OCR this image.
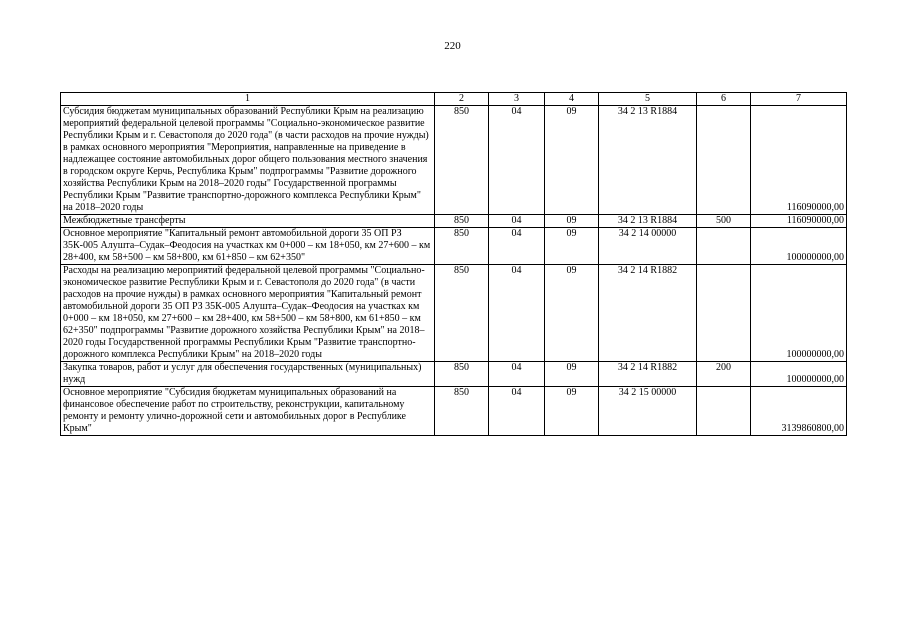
220
1	2	3	4	5	6	7
Субсидия бюджетам муниципальных образований Республики Крым на реализацию мероприятий федеральной целевой программы "Социально-экономическое развитие Республики Крым и г. Севастополя до 2020 года" (в части расходов на прочие нужды) в рамках основного мероприятия "Мероприятия, направленные на приведение в надлежащее состояние автомобильных дорог общего пользования местного значения в городском округе Керчь, Республика Крым" подпрограммы "Развитие дорожного хозяйства Республики Крым на 2018–2020 годы" Государственной программы Республики Крым "Развитие транспортно-дорожного комплекса Республики Крым" на 2018–2020 годы	850	04	09	34 2 13 R1884		116090000,00
Межбюджетные трансферты	850	04	09	34 2 13 R1884	500	116090000,00
Основное мероприятие "Капитальный ремонт автомобильной дороги 35 ОП РЗ 35К-005 Алушта–Судак–Феодосия на участках км 0+000 – км 18+050, км 27+600 – км 28+400, км 58+500 – км 58+800, км 61+850 – км 62+350"	850	04	09	34 2 14 00000		100000000,00
Расходы на реализацию мероприятий федеральной целевой программы "Социально-экономическое развитие Республики Крым и г. Севастополя до 2020 года" (в части расходов на прочие нужды) в рамках основного мероприятия "Капитальный ремонт автомобильной дороги 35 ОП РЗ 35К-005 Алушта–Судак–Феодосия на участках км 0+000 – км 18+050, км 27+600 – км 28+400, км 58+500 – км 58+800, км 61+850 – км 62+350" подпрограммы "Развитие дорожного хозяйства Республики Крым" на 2018–2020 годы Государственной программы Республики Крым "Развитие транспортно-дорожного комплекса Республики Крым" на 2018–2020 годы	850	04	09	34 2 14 R1882		100000000,00
Закупка товаров, работ и услуг для обеспечения государственных (муниципальных) нужд	850	04	09	34 2 14 R1882	200	100000000,00
Основное мероприятие "Субсидия бюджетам муниципальных образований на финансовое обеспечение работ по строительству, реконструкции, капитальному ремонту и ремонту улично-дорожной сети и автомобильных дорог в Республике Крым"	850	04	09	34 2 15 00000		3139860800,00
